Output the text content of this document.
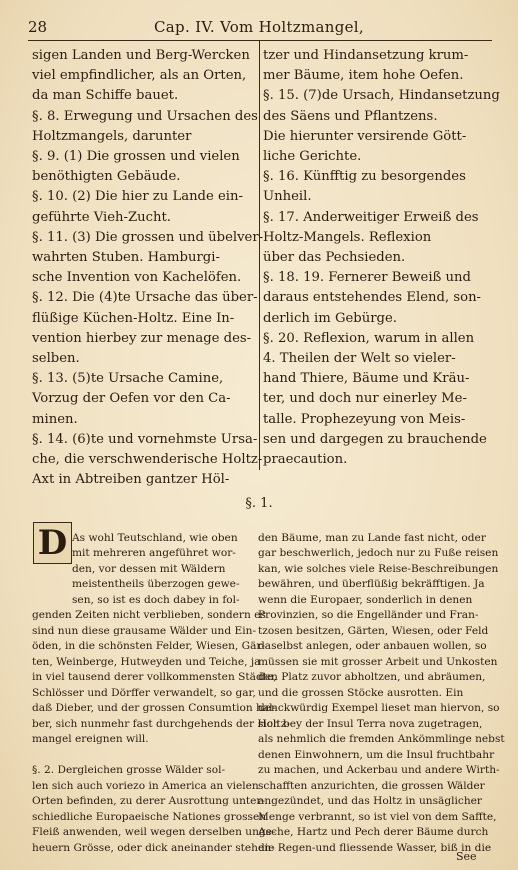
28	Cap. IV. Vom Holtzmangel,

sigen Landen und Berg-Wercken
viel empfindlicher, als an Orten,
da man Schiffe bauet.
§. 8. Erwegung und Ursachen des
Holtzmangels, darunter
§. 9. (1) Die grossen und vielen
benöthigten Gebäude.
§. 10. (2) Die hier zu Lande ein-
geführte Vieh-Zucht.
§. 11. (3) Die grossen und übelver-
wahrten Stuben. Hamburgi-
sche Invention von Kachelöfen.
§. 12. Die (4)te Ursache das über-
flüßige Küchen-Holtz. Eine In-
vention hierbey zur menage des-
selben.
§. 13. (5)te Ursache Camine,
Vorzug der Oefen vor den Ca-
minen.
§. 14. (6)te und vornehmste Ursa-
che, die verschwenderische Holtz-
Axt in Abtreiben gantzer Höl-

tzer und Hindansetzung krum-
mer Bäume, item hohe Oefen.
§. 15. (7)de Ursach, Hindansetzung
des Säens und Pflantzens.
Die hierunter versirende Gött-
liche Gerichte.
§. 16. Künfftig zu besorgendes
Unheil.
§. 17. Anderweitiger Erweiß des
Holtz-Mangels. Reflexion
über das Pechsieden.
§. 18. 19. Fernerer Beweiß und
daraus entstehendes Elend, son-
derlich im Gebürge.
§. 20. Reflexion, warum in allen
4. Theilen der Welt so vieler-
hand Thiere, Bäume und Kräu-
ter, und doch nur einerley Me-
talle. Prophezeyung von Meis-
sen und dargegen zu brauchende
praecaution.

§. 1.
D As wohl Teutschland, wie oben
mit mehreren angeführet wor-
den, vor dessen mit Wäldern
meistentheils überzogen gewe-
sen, so ist es doch dabey in fol-
genden Zeiten nicht verblieben, sondern es
sind nun diese grausame Wälder und Ein-
öden, in die schönsten Felder, Wiesen, Gär-
ten, Weinberge, Hutweyden und Teiche, ja
in viel tausend derer vollkommensten Städte,
Schlösser und Dörffer verwandelt, so gar,
daß Dieber, und der grossen Consumtion hal-
ber, sich nunmehr fast durchgehends der Holtz-
mangel ereignen will.

§. 2. Dergleichen grosse Wälder sol-
len sich auch voriezo in America an vielen
Orten befinden, zu derer Ausrottung unter-
schiedliche Europaeische Nationes grossen
Fleiß anwenden, weil wegen derselben unge-
heuern Grösse, oder dick aneinander stehen-

den Bäume, man zu Lande fast nicht, oder
gar beschwerlich, jedoch nur zu Fuße reisen
kan, wie solches viele Reise-Beschreibungen
bewähren, und überflüßig bekräfftigen. Ja
wenn die Europaer, sonderlich in denen
Provinzien, so die Engelländer und Fran-
tzosen besitzen, Gärten, Wiesen, oder Feld
daselbst anlegen, oder anbauen wollen, so
müssen sie mit grosser Arbeit und Unkosten
den Platz zuvor abholtzen, und abräumen,
und die grossen Stöcke ausrotten. Ein
denckwürdig Exempel lieset man hiervon, so
sich bey der Insul Terra nova zugetragen,
als nehmlich die fremden Ankömmlinge nebst
denen Einwohnern, um die Insul fruchtbahr
zu machen, und Ackerbau und andere Wirth-
schafften anzurichten, die grossen Wälder
angezündet, und das Holtz in unsäglicher
Menge verbrannt, so ist viel von dem Saffte,
Asche, Hartz und Pech derer Bäume durch
die Regen-und fliessende Wasser, biß in die

See
